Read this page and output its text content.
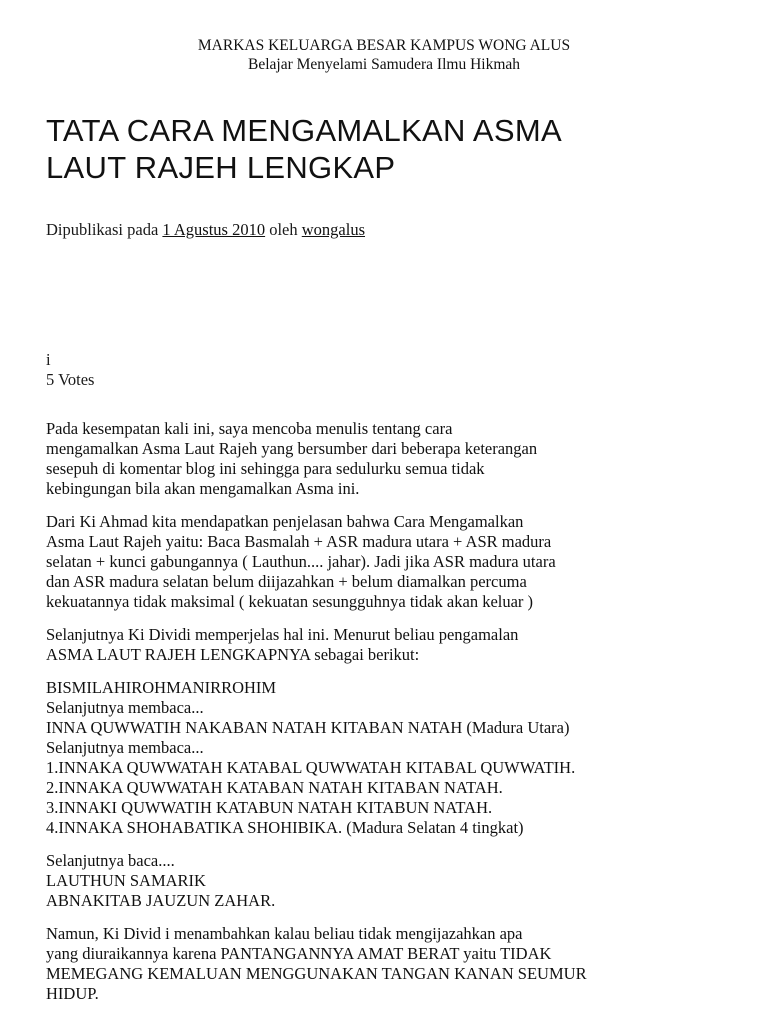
MARKAS KELUARGA BESAR KAMPUS WONG ALUS
Belajar Menyelami Samudera Ilmu Hikmah
TATA CARA MENGAMALKAN ASMA
LAUT RAJEH LENGKAP
Dipublikasi pada 1 Agustus 2010 oleh wongalus
i
5 Votes

Pada kesempatan kali ini, saya mencoba menulis tentang cara
mengamalkan Asma Laut Rajeh yang bersumber dari beberapa keterangan
sesepuh di komentar blog ini sehingga para sedulurku semua tidak
kebingungan bila akan mengamalkan Asma ini.

Dari Ki Ahmad kita mendapatkan penjelasan bahwa Cara Mengamalkan
Asma Laut Rajeh yaitu: Baca Basmalah + ASR madura utara + ASR madura
selatan + kunci gabungannya ( Lauthun.... jahar). Jadi jika ASR madura utara
dan ASR madura selatan belum diijazahkan + belum diamalkan percuma
kekuatannya tidak maksimal ( kekuatan sesungguhnya tidak akan keluar )

Selanjutnya Ki Dividi memperjelas hal ini. Menurut beliau pengamalan
ASMA LAUT RAJEH LENGKAPNYA sebagai berikut:

BISMILAHIROHMANIRROHIM
Selanjutnya membaca...
INNA QUWWATIH NAKABAN NATAH KITABAN NATAH (Madura Utara)
Selanjutnya membaca...
1.INNAKA QUWWATAH KATABAL QUWWATAH KITABAL QUWWATIH.
2.INNAKA QUWWATAH KATABAN NATAH KITABAN NATAH.
3.INNAKI QUWWATIH KATABUN NATAH KITABUN NATAH.
4.INNAKA SHOHABATIKA SHOHIBIKA. (Madura Selatan 4 tingkat)

Selanjutnya baca....
LAUTHUN SAMARIK
ABNAKITAB JAUZUN ZAHAR.

Namun, Ki Divid i menambahkan kalau beliau tidak mengijazahkan apa
yang diuraikannya karena PANTANGANNYA AMAT BERAT yaitu TIDAK
MEMEGANG KEMALUAN MENGGUNAKAN TANGAN KANAN SEUMUR
HIDUP.
